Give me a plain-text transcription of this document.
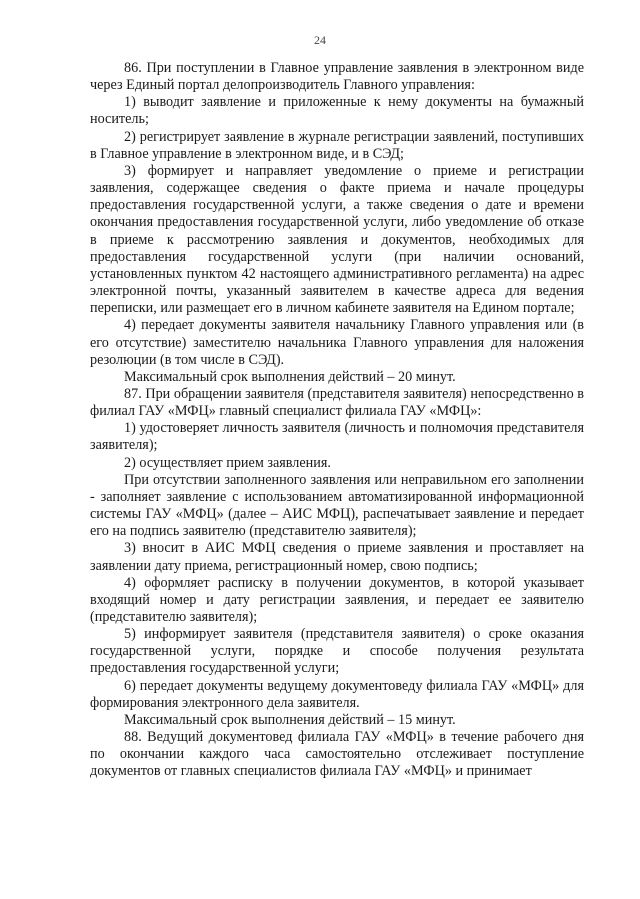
24

86. При поступлении в Главное управление заявления в электронном виде через Единый портал делопроизводитель Главного управления:

1) выводит заявление и приложенные к нему документы на бумажный носитель;

2) регистрирует заявление в журнале регистрации заявлений, поступивших в Главное управление в электронном виде, и в СЭД;

3) формирует и направляет уведомление о приеме и регистрации заявления, содержащее сведения о факте приема и начале процедуры предоставления государственной услуги, а также сведения о дате и времени окончания предоставления государственной услуги, либо уведомление об отказе в приеме к рассмотрению заявления и документов, необходимых для предоставления государственной услуги (при наличии оснований, установленных пунктом 42 настоящего административного регламента) на адрес электронной почты, указанный заявителем в качестве адреса для ведения переписки, или размещает его в личном кабинете заявителя на Едином портале;

4) передает документы заявителя начальнику Главного управления или (в его отсутствие) заместителю начальника Главного управления для наложения резолюции (в том числе в СЭД).

Максимальный срок выполнения действий – 20 минут.

87. При обращении заявителя (представителя заявителя) непосредственно в филиал ГАУ «МФЦ» главный специалист филиала ГАУ «МФЦ»:

1) удостоверяет личность заявителя (личность и полномочия представителя заявителя);

2) осуществляет прием заявления.

При отсутствии заполненного заявления или неправильном его заполнении - заполняет заявление с использованием автоматизированной информационной системы ГАУ «МФЦ» (далее – АИС МФЦ), распечатывает заявление и передает его на подпись заявителю (представителю заявителя);

3) вносит в АИС МФЦ сведения о приеме заявления и проставляет на заявлении дату приема, регистрационный номер, свою подпись;

4) оформляет расписку в получении документов, в которой указывает входящий номер и дату регистрации заявления, и передает ее заявителю (представителю заявителя);

5) информирует заявителя (представителя заявителя) о сроке оказания государственной услуги, порядке и способе получения результата предоставления государственной услуги;

6) передает документы ведущему документоведу филиала ГАУ «МФЦ» для формирования электронного дела заявителя.

Максимальный срок выполнения действий – 15 минут.

88. Ведущий документовед филиала ГАУ «МФЦ» в течение рабочего дня по окончании каждого часа самостоятельно отслеживает поступление документов от главных специалистов филиала ГАУ «МФЦ» и принимает
